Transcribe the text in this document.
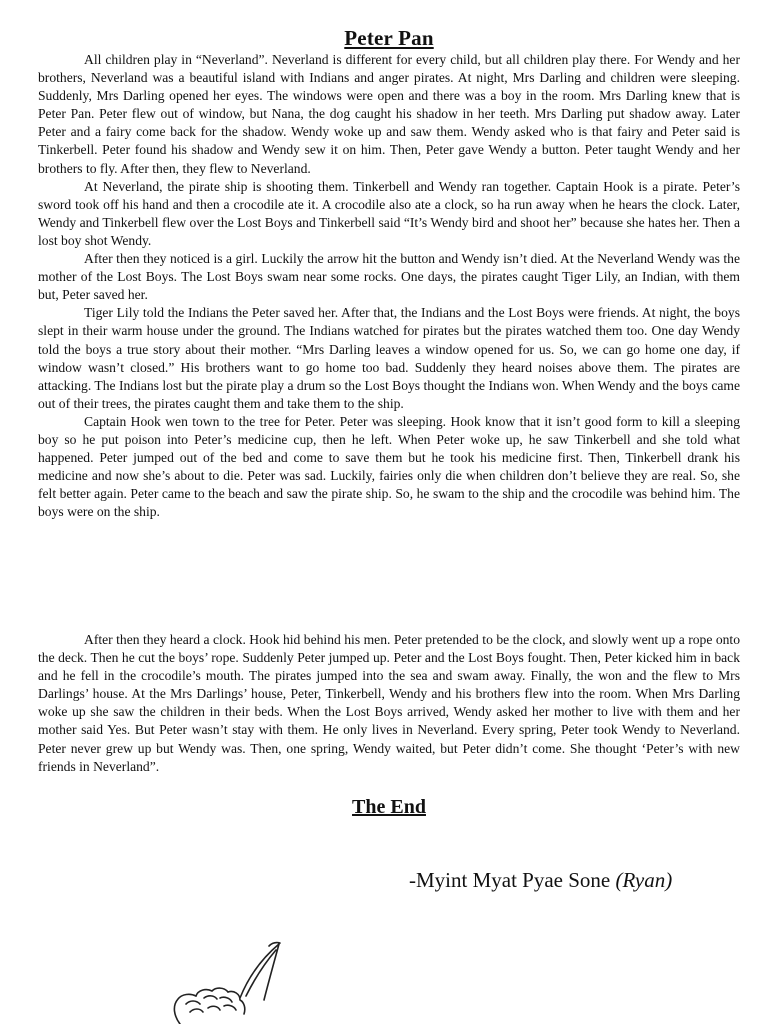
Peter Pan

All children play in “Neverland”. Neverland is different for every child, but all children play there. For Wendy and her brothers, Neverland was a beautiful island with Indians and anger pirates. At night, Mrs Darling and children were sleeping. Suddenly, Mrs Darling opened her eyes. The windows were open and there was a boy in the room. Mrs Darling knew that is Peter Pan. Peter flew out of window, but Nana, the dog caught his shadow in her teeth. Mrs Darling put shadow away. Later Peter and a fairy come back for the shadow. Wendy woke up and saw them. Wendy asked who is that fairy and Peter said is Tinkerbell. Peter found his shadow and Wendy sew it on him. Then, Peter gave Wendy a button. Peter taught Wendy and her brothers to fly. After then, they flew to Neverland.

At Neverland, the pirate ship is shooting them. Tinkerbell and Wendy ran together. Captain Hook is a pirate. Peter’s sword took off his hand and then a crocodile ate it. A crocodile also ate a clock, so ha run away when he hears the clock. Later, Wendy and Tinkerbell flew over the Lost Boys and Tinkerbell said “It’s Wendy bird and shoot her” because she hates her. Then a lost boy shot Wendy.

After then they noticed is a girl. Luckily the arrow hit the button and Wendy isn’t died. At the Neverland Wendy was the mother of the Lost Boys. The Lost Boys swam near some rocks. One days, the pirates caught Tiger Lily, an Indian, with them but, Peter saved her.

Tiger Lily told the Indians the Peter saved her. After that, the Indians and the Lost Boys were friends. At night, the boys slept in their warm house under the ground. The Indians watched for pirates but the pirates watched them too. One day Wendy told the boys a true story about their mother. “Mrs Darling leaves a window opened for us. So, we can go home one day, if window wasn’t closed.” His brothers want to go home too bad. Suddenly they heard noises above them. The pirates are attacking. The Indians lost but the pirate play a drum so the Lost Boys thought the Indians won. When Wendy and the boys came out of their trees, the pirates caught them and take them to the ship.

Captain Hook wen town to the tree for Peter. Peter was sleeping. Hook know that it isn’t good form to kill a sleeping boy so he put poison into Peter’s medicine cup, then he left. When Peter woke up, he saw Tinkerbell and she told what happened. Peter jumped out of the bed and come to save them but he took his medicine first. Then, Tinkerbell drank his medicine and now she’s about to die. Peter was sad. Luckily, fairies only die when children don’t believe they are real. So, she felt better again. Peter came to the beach and saw the pirate ship. So, he swam to the ship and the crocodile was behind him. The boys were on the ship.

After then they heard a clock. Hook hid behind his men. Peter pretended to be the clock, and slowly went up a rope onto the deck. Then he cut the boys’ rope. Suddenly Peter jumped up. Peter and the Lost Boys fought. Then, Peter kicked him in back and he fell in the crocodile’s mouth. The pirates jumped into the sea and swam away. Finally, the won and the flew to Mrs Darlings’ house. At the Mrs Darlings’ house, Peter, Tinkerbell, Wendy and his brothers flew into the room. When Mrs Darling woke up she saw the children in their beds. When the Lost Boys arrived, Wendy asked her mother to live with them and her mother said Yes. But Peter wasn’t stay with them. He only lives in Neverland. Every spring, Peter took Wendy to Neverland. Peter never grew up but Wendy was. Then, one spring, Wendy waited, but Peter didn’t come. She thought ‘Peter’s with new friends in Neverland”.

The End
-Myint Myat Pyae Sone (Ryan)
